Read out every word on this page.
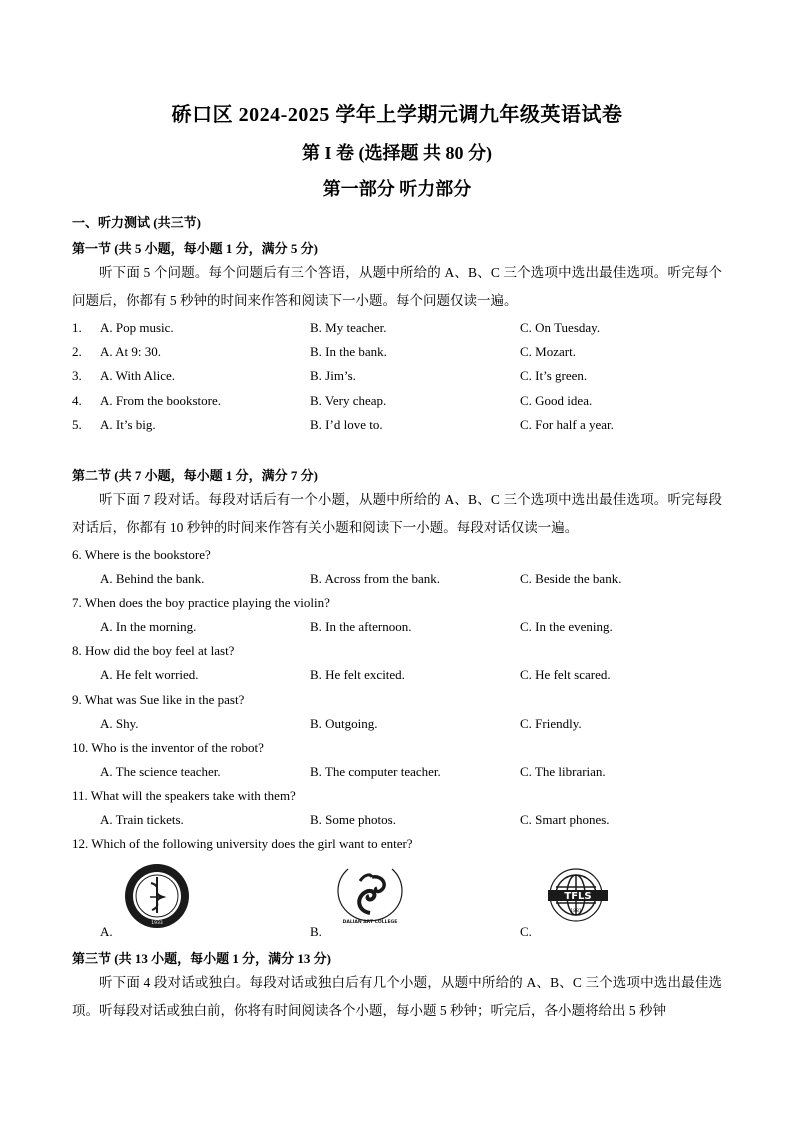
硚口区 2024-2025 学年上学期元调九年级英语试卷
第 I 卷 (选择题 共 80 分)
第一部分 听力部分
一、听力测试 (共三节)
第一节 (共 5 小题，每小题 1 分，满分 5 分)
听下面 5 个问题。每个问题后有三个答语，从题中所给的 A、B、C 三个选项中选出最佳选项。听完每个问题后，你都有 5 秒钟的时间来作答和阅读下一小题。每个问题仅读一遍。
1. A. Pop music.	B. My teacher.	C. On Tuesday.
2. A. At 9: 30.	B. In the bank.	C. Mozart.
3. A. With Alice.	B. Jim’s.	C. It’s green.
4. A. From the bookstore.	B. Very cheap.	C. Good idea.
5. A. It’s big.	B. I’d love to.	C. For half a year.
第二节 (共 7 小题，每小题 1 分，满分 7 分)
听下面 7 段对话。每段对话后有一个小题，从题中所给的 A、B、C 三个选项中选出最佳选项。听完每段对话后，你都有 10 秒钟的时间来作答有关小题和阅读下一小题。每段对话仅读一遍。
6. Where is the bookstore?
A. Behind the bank.	B. Across from the bank.	C. Beside the bank.
7. When does the boy practice playing the violin?
A. In the morning.	B. In the afternoon.	C. In the evening.
8. How did the boy feel at last?
A. He felt worried.	B. He felt excited.	C. He felt scared.
9. What was Sue like in the past?
A. Shy.	B. Outgoing.	C. Friendly.
10. Who is the inventor of the robot?
A. The science teacher.	B. The computer teacher.	C. The librarian.
11. What will the speakers take with them?
A. Train tickets.	B. Some photos.	C. Smart phones.
12. Which of the following university does the girl want to enter?
A.	B.	C.
1933	DALIAN ART COLLEGE
TFLS
1881
第三节 (共 13 小题，每小题 1 分，满分 13 分)
听下面 4 段对话或独白。每段对话或独白后有几个小题，从题中所给的 A、B、C 三个选项中选出最佳选项。听每段对话或独白前，你将有时间阅读各个小题，每小题 5 秒钟；听完后，各小题将给出 5 秒钟
